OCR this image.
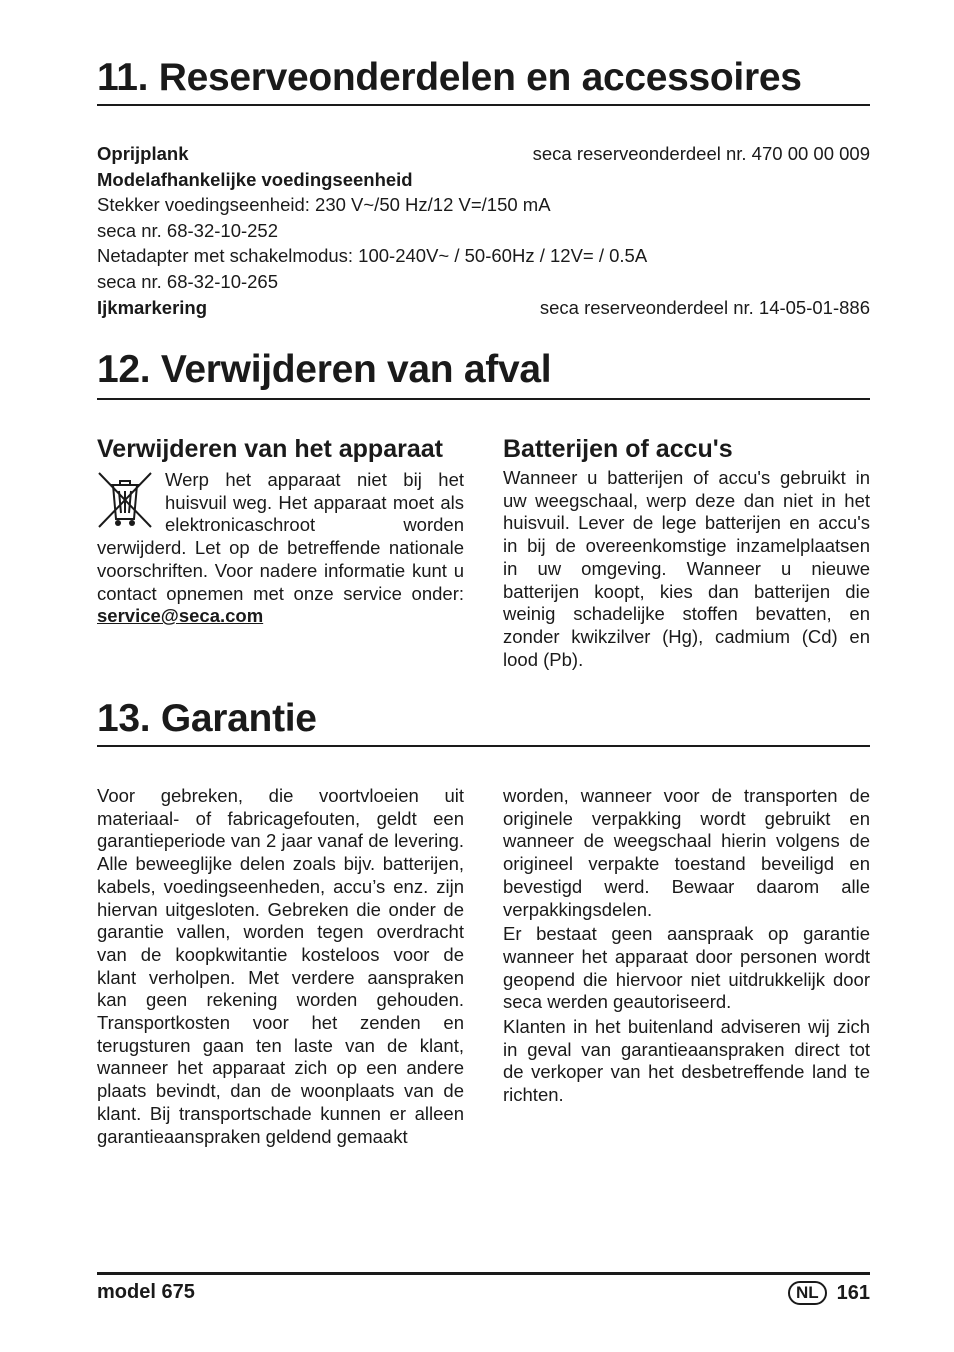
11. Reserveonderdelen en accessoires
Oprijplank	seca reserveonderdeel nr. 470 00 00 009
Modelafhankelijke voedingseenheid
Stekker voedingseenheid: 230 V~/50 Hz/12 V=/150 mA
seca nr. 68-32-10-252
Netadapter met schakelmodus: 100-240V~ / 50-60Hz / 12V= / 0.5A
seca nr. 68-32-10-265
Ijkmarkering	seca reserveonderdeel nr. 14-05-01-886
12. Verwijderen van afval
Verwijderen van het apparaat

Werp het apparaat niet bij het huisvuil weg. Het apparaat moet als elektronicaschroot worden verwijderd. Let op de betreffende nationale voorschriften. Voor nadere informatie kunt u contact opnemen met onze service onder: service@seca.com

Batterijen of accu's

Wanneer u batterijen of accu's gebruikt in uw weegschaal, werp deze dan niet in het huisvuil. Lever de lege batterijen en accu's in bij de overeenkomstige inzamelplaatsen in uw omgeving. Wanneer u nieuwe batterijen koopt, kies dan batterijen die weinig schadelijke stoffen bevatten, en zonder kwikzilver (Hg), cadmium (Cd) en lood (Pb).

13. Garantie

Voor gebreken, die voortvloeien uit materiaal- of fabricagefouten, geldt een garantieperiode van 2 jaar vanaf de levering. Alle beweeglijke delen zoals bijv. batterijen, kabels, voedingseenheden, accu’s enz. zijn hiervan uitgesloten. Gebreken die onder de garantie vallen, worden tegen overdracht van de koopkwitantie kosteloos voor de klant verholpen. Met verdere aanspraken kan geen rekening worden gehouden. Transportkosten voor het zenden en terugsturen gaan ten laste van de klant, wanneer het apparaat zich op een andere plaats bevindt, dan de woonplaats van de klant. Bij transportschade kunnen er alleen garantieaanspraken geldend gemaakt

worden, wanneer voor de transporten de originele verpakking wordt gebruikt en wanneer de weegschaal hierin volgens de origineel verpakte toestand beveiligd en bevestigd werd. Bewaar daarom alle verpakkingsdelen.

Er bestaat geen aanspraak op garantie wanneer het apparaat door personen wordt geopend die hiervoor niet uitdrukkelijk door seca werden geautoriseerd.

Klanten in het buitenland adviseren wij zich in geval van garantieaanspraken direct tot de verkoper van het desbetreffende land te richten.

model 675	NL 161
